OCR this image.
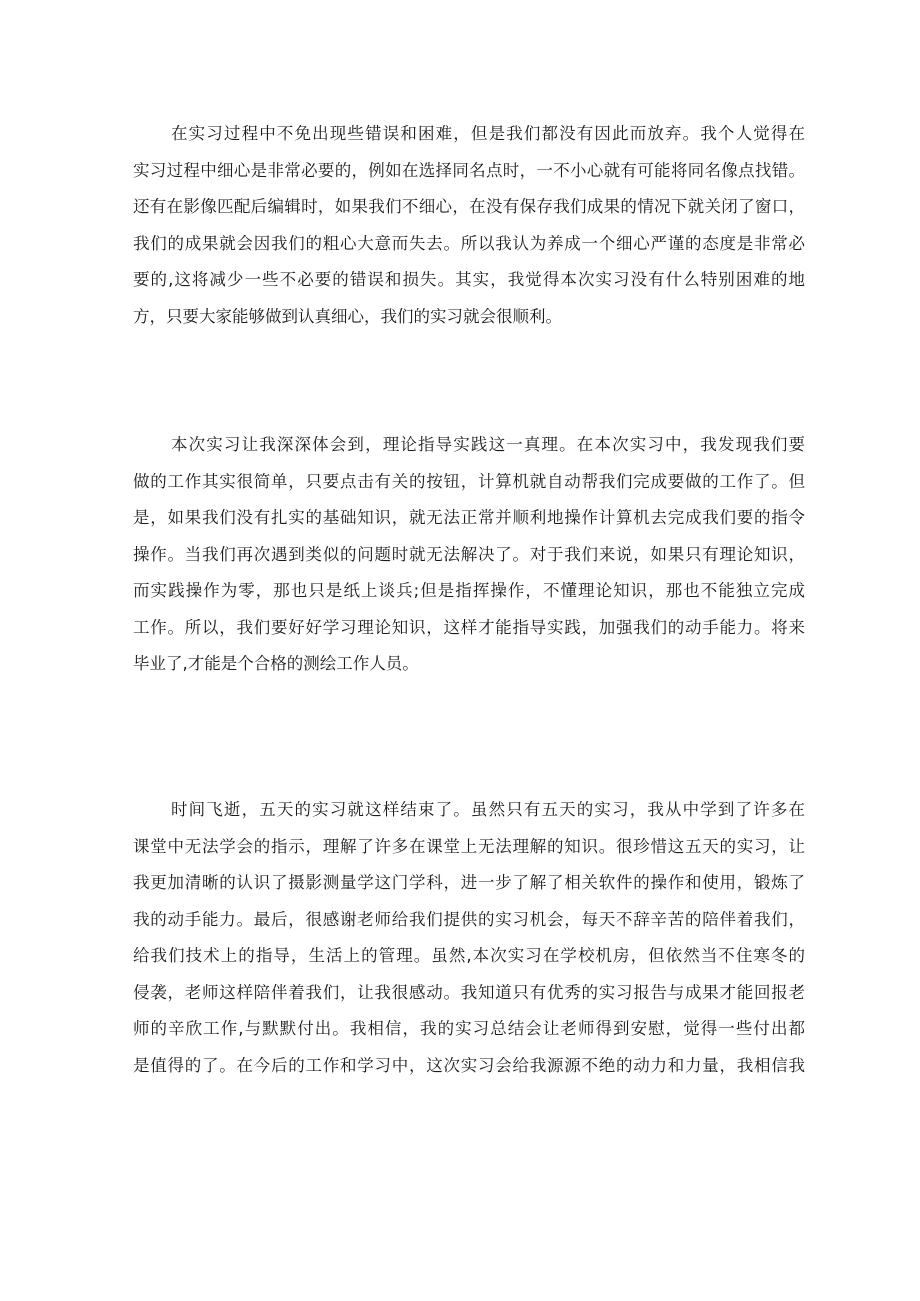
在实习过程中不免出现些错误和困难，但是我们都没有因此而放弃。我个人觉得在
实习过程中细心是非常必要的，例如在选择同名点时，一不小心就有可能将同名像点找错。
还有在影像匹配后编辑时，如果我们不细心，在没有保存我们成果的情况下就关闭了窗口，
我们的成果就会因我们的粗心大意而失去。所以我认为养成一个细心严谨的态度是非常必
要的,这将减少一些不必要的错误和损失。其实，我觉得本次实习没有什么特别困难的地
方，只要大家能够做到认真细心，我们的实习就会很顺利。
本次实习让我深深体会到，理论指导实践这一真理。在本次实习中，我发现我们要
做的工作其实很简单，只要点击有关的按钮，计算机就自动帮我们完成要做的工作了。但
是，如果我们没有扎实的基础知识，就无法正常并顺利地操作计算机去完成我们要的指令
操作。当我们再次遇到类似的问题时就无法解决了。对于我们来说，如果只有理论知识，
而实践操作为零，那也只是纸上谈兵;但是指挥操作，不懂理论知识，那也不能独立完成
工作。所以，我们要好好学习理论知识，这样才能指导实践，加强我们的动手能力。将来
毕业了,才能是个合格的测绘工作人员。
时间飞逝，五天的实习就这样结束了。虽然只有五天的实习，我从中学到了许多在
课堂中无法学会的指示，理解了许多在课堂上无法理解的知识。很珍惜这五天的实习，让
我更加清晰的认识了摄影测量学这门学科，进一步了解了相关软件的操作和使用，锻炼了
我的动手能力。最后，很感谢老师给我们提供的实习机会，每天不辞辛苦的陪伴着我们，
给我们技术上的指导，生活上的管理。虽然,本次实习在学校机房，但依然当不住寒冬的
侵袭，老师这样陪伴着我们，让我很感动。我知道只有优秀的实习报告与成果才能回报老
师的辛欣工作,与默默付出。我相信，我的实习总结会让老师得到安慰，觉得一些付出都
是值得的了。在今后的工作和学习中，这次实习会给我源源不绝的动力和力量，我相信我
